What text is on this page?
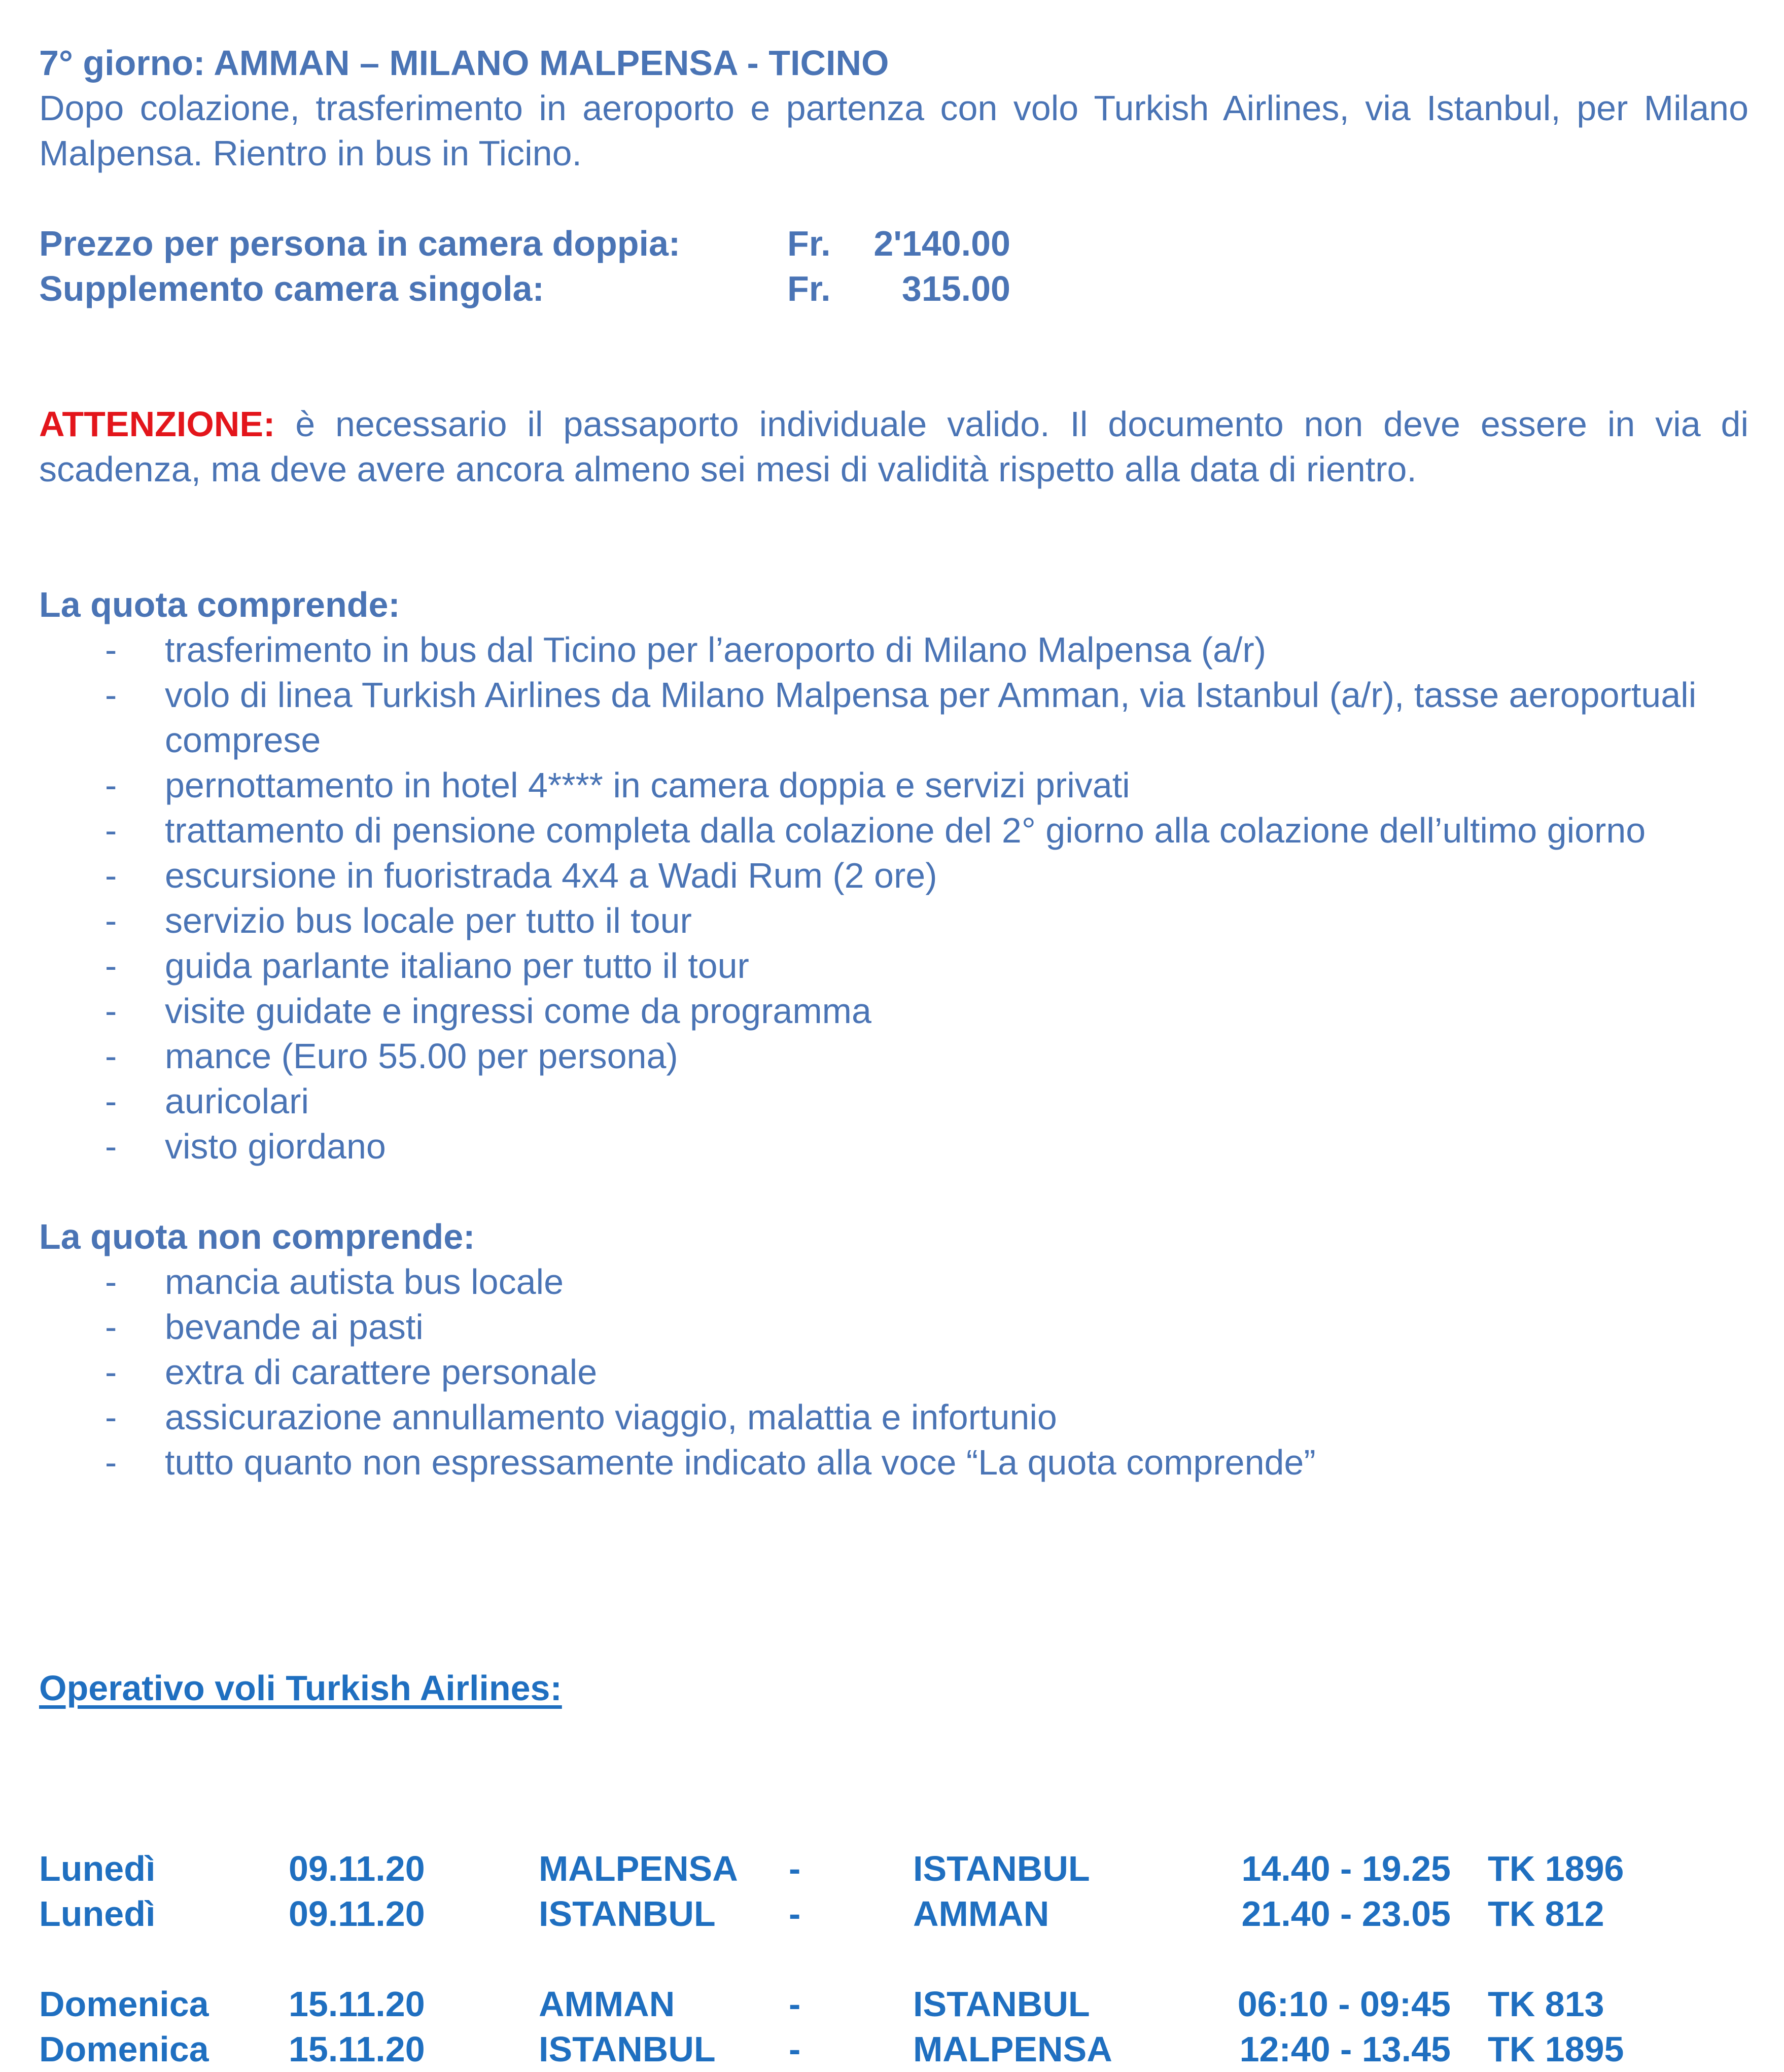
7° giorno: AMMAN – MILANO MALPENSA - TICINO
Dopo colazione, trasferimento in aeroporto e partenza con volo Turkish Airlines, via Istanbul, per Milano Malpensa. Rientro in bus in Ticino.
Prezzo per persona in camera doppia:	Fr.	2'140.00
Supplemento camera singola:	Fr.	315.00
ATTENZIONE: è necessario il passaporto individuale valido. Il documento non deve essere in via di scadenza, ma deve avere ancora almeno sei mesi di validità rispetto alla data di rientro.
La quota comprende:
- trasferimento in bus dal Ticino per l’aeroporto di Milano Malpensa (a/r)
- volo di linea Turkish Airlines da Milano Malpensa per Amman, via Istanbul (a/r), tasse aeroportuali comprese
- pernottamento in hotel 4**** in camera doppia e servizi privati
- trattamento di pensione completa dalla colazione del 2° giorno alla colazione dell’ultimo giorno
- escursione in fuoristrada 4x4 a Wadi Rum (2 ore)
- servizio bus locale per tutto il tour
- guida parlante italiano per tutto il tour
- visite guidate e ingressi come da programma
- mance (Euro 55.00 per persona)
- auricolari
- visto giordano
La quota non comprende:
- mancia autista bus locale
- bevande ai pasti
- extra di carattere personale
- assicurazione annullamento viaggio, malattia e infortunio
- tutto quanto non espressamente indicato alla voce “La quota comprende”
Operativo voli Turkish Airlines:
Lunedì	09.11.20	MALPENSA -	ISTANBUL	14.40 - 19.25 TK 1896
Lunedì	09.11.20	ISTANBUL -	AMMAN	21.40 - 23.05 TK 812
Domenica 15.11.20	AMMAN	-	ISTANBUL	06:10 - 09:45 TK 813
Domenica 15.11.20	ISTANBUL -	MALPENSA	12:40 - 13.45 TK 1895
